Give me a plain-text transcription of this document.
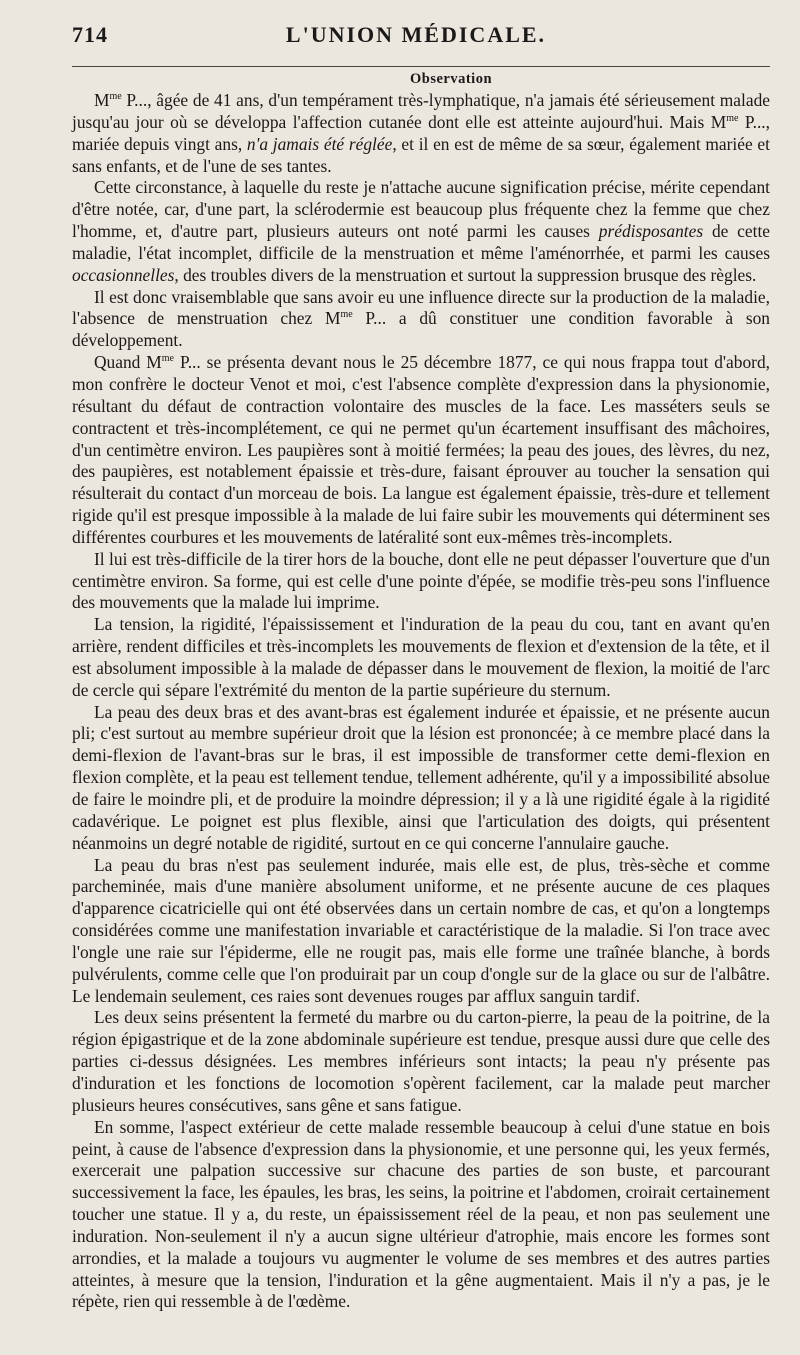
714	L'UNION MÉDICALE.
Observation

$M^{me}$ P..., âgée de 41 ans, d'un tempérament très-lymphatique, n'a jamais été sérieusement malade jusqu'au jour où se développa l'affection cutanée dont elle est atteinte aujourd'hui. Mais $M^{me}$ P..., mariée depuis vingt ans, n'a jamais été réglée, et il en est de même de sa sœur, également mariée et sans enfants, et de l'une de ses tantes.

Cette circonstance, à laquelle du reste je n'attache aucune signification précise, mérite cependant d'être notée, car, d'une part, la sclérodermie est beaucoup plus fréquente chez la femme que chez l'homme, et, d'autre part, plusieurs auteurs ont noté parmi les causes prédisposantes de cette maladie, l'état incomplet, difficile de la menstruation et même l'aménorrhée, et parmi les causes occasionnelles, des troubles divers de la menstruation et surtout la suppression brusque des règles.

Il est donc vraisemblable que sans avoir eu une influence directe sur la production de la maladie, l'absence de menstruation chez $M^{me}$ P... a dû constituer une condition favorable à son développement.

Quand $M^{me}$ P... se présenta devant nous le 25 décembre 1877, ce qui nous frappa tout d'abord, mon confrère le docteur Venot et moi, c'est l'absence complète d'expression dans la physionomie, résultant du défaut de contraction volontaire des muscles de la face. Les masséters seuls se contractent et très-incomplétement, ce qui ne permet qu'un écartement insuffisant des mâchoires, d'un centimètre environ. Les paupières sont à moitié fermées; la peau des joues, des lèvres, du nez, des paupières, est notablement épaissie et très-dure, faisant éprouver au toucher la sensation qui résulterait du contact d'un morceau de bois. La langue est également épaissie, très-dure et tellement rigide qu'il est presque impossible à la malade de lui faire subir les mouvements qui déterminent ses différentes courbures et les mouvements de latéralité sont eux-mêmes très-incomplets.

Il lui est très-difficile de la tirer hors de la bouche, dont elle ne peut dépasser l'ouverture que d'un centimètre environ. Sa forme, qui est celle d'une pointe d'épée, se modifie très-peu sons l'influence des mouvements que la malade lui imprime.

La tension, la rigidité, l'épaississement et l'induration de la peau du cou, tant en avant qu'en arrière, rendent difficiles et très-incomplets les mouvements de flexion et d'extension de la tête, et il est absolument impossible à la malade de dépasser dans le mouvement de flexion, la moitié de l'arc de cercle qui sépare l'extrémité du menton de la partie supérieure du sternum.

La peau des deux bras et des avant-bras est également indurée et épaissie, et ne présente aucun pli; c'est surtout au membre supérieur droit que la lésion est prononcée; à ce membre placé dans la demi-flexion de l'avant-bras sur le bras, il est impossible de transformer cette demi-flexion en flexion complète, et la peau est tellement tendue, tellement adhérente, qu'il y a impossibilité absolue de faire le moindre pli, et de produire la moindre dépression; il y a là une rigidité égale à la rigidité cadavérique. Le poignet est plus flexible, ainsi que l'articulation des doigts, qui présentent néanmoins un degré notable de rigidité, surtout en ce qui concerne l'annulaire gauche.

La peau du bras n'est pas seulement indurée, mais elle est, de plus, très-sèche et comme parcheminée, mais d'une manière absolument uniforme, et ne présente aucune de ces plaques d'apparence cicatricielle qui ont été observées dans un certain nombre de cas, et qu'on a longtemps considérées comme une manifestation invariable et caractéristique de la maladie. Si l'on trace avec l'ongle une raie sur l'épiderme, elle ne rougit pas, mais elle forme une traînée blanche, à bords pulvérulents, comme celle que l'on produirait par un coup d'ongle sur de la glace ou sur de l'albâtre. Le lendemain seulement, ces raies sont devenues rouges par afflux sanguin tardif.

Les deux seins présentent la fermeté du marbre ou du carton-pierre, la peau de la poitrine, de la région épigastrique et de la zone abdominale supérieure est tendue, presque aussi dure que celle des parties ci-dessus désignées. Les membres inférieurs sont intacts; la peau n'y présente pas d'induration et les fonctions de locomotion s'opèrent facilement, car la malade peut marcher plusieurs heures consécutives, sans gêne et sans fatigue.

En somme, l'aspect extérieur de cette malade ressemble beaucoup à celui d'une statue en bois peint, à cause de l'absence d'expression dans la physionomie, et une personne qui, les yeux fermés, exercerait une palpation successive sur chacune des parties de son buste, et parcourant successivement la face, les épaules, les bras, les seins, la poitrine et l'abdomen, croirait certainement toucher une statue. Il y a, du reste, un épaississement réel de la peau, et non pas seulement une induration. Non-seulement il n'y a aucun signe ultérieur d'atrophie, mais encore les formes sont arrondies, et la malade a toujours vu augmenter le volume de ses membres et des autres parties atteintes, à mesure que la tension, l'induration et la gêne augmentaient. Mais il n'y a pas, je le répète, rien qui ressemble à de l'œdème.
